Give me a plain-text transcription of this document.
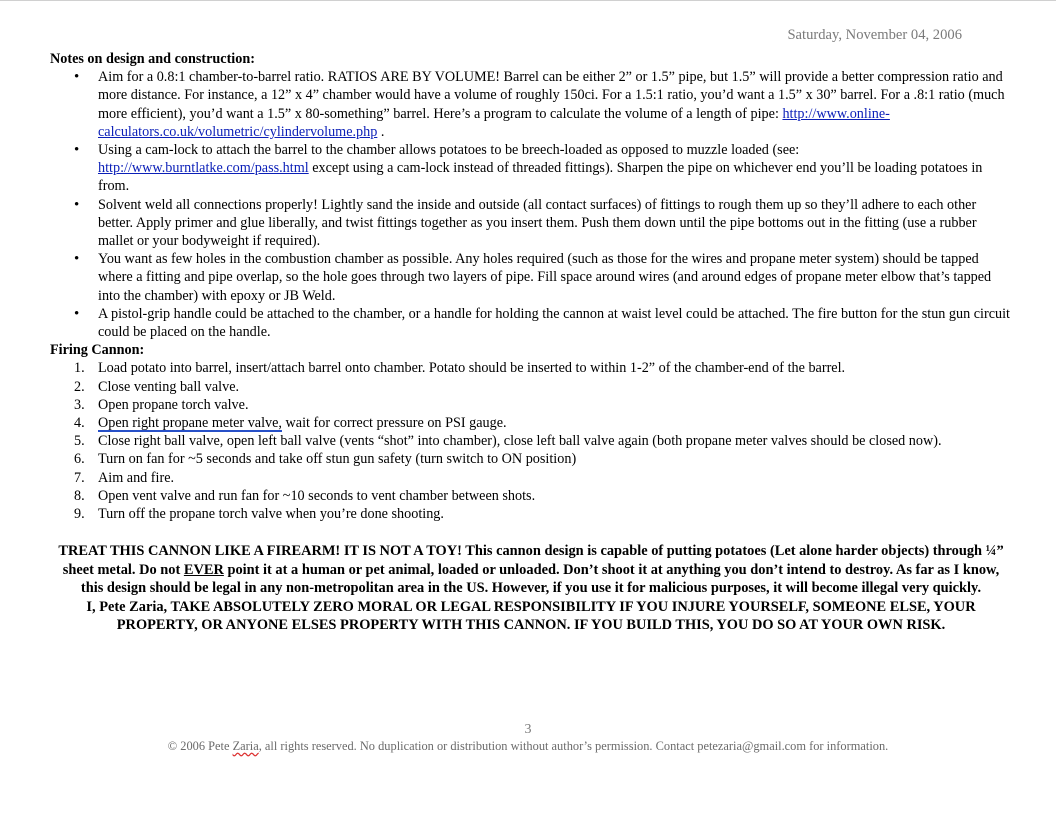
Saturday, November 04, 2006
Notes on design and construction:
• Aim for a 0.8:1 chamber-to-barrel ratio. RATIOS ARE BY VOLUME! Barrel can be either 2” or 1.5” pipe, but 1.5” will provide a better compression ratio and more distance. For instance, a 12” x 4” chamber would have a volume of roughly 150ci. For a 1.5:1 ratio, you’d want a 1.5” x 30” barrel. For a .8:1 ratio (much more efficient), you’d want a 1.5” x 80-something” barrel. Here’s a program to calculate the volume of a length of pipe: http://www.online-calculators.co.uk/volumetric/cylindervolume.php .
• Using a cam-lock to attach the barrel to the chamber allows potatoes to be breech-loaded as opposed to muzzle loaded (see: http://www.burntlatke.com/pass.html except using a cam-lock instead of threaded fittings). Sharpen the pipe on whichever end you’ll be loading potatoes in from.
• Solvent weld all connections properly! Lightly sand the inside and outside (all contact surfaces) of fittings to rough them up so they’ll adhere to each other better. Apply primer and glue liberally, and twist fittings together as you insert them. Push them down until the pipe bottoms out in the fitting (use a rubber mallet or your bodyweight if required).
• You want as few holes in the combustion chamber as possible. Any holes required (such as those for the wires and propane meter system) should be tapped where a fitting and pipe overlap, so the hole goes through two layers of pipe. Fill space around wires (and around edges of propane meter elbow that’s tapped into the chamber) with epoxy or JB Weld.
• A pistol-grip handle could be attached to the chamber, or a handle for holding the cannon at waist level could be attached. The fire button for the stun gun circuit could be placed on the handle.
Firing Cannon:
1. Load potato into barrel, insert/attach barrel onto chamber. Potato should be inserted to within 1-2” of the chamber-end of the barrel.
2. Close venting ball valve.
3. Open propane torch valve.
4. Open right propane meter valve, wait for correct pressure on PSI gauge.
5. Close right ball valve, open left ball valve (vents “shot” into chamber), close left ball valve again (both propane meter valves should be closed now).
6. Turn on fan for ~5 seconds and take off stun gun safety (turn switch to ON position)
7. Aim and fire.
8. Open vent valve and run fan for ~10 seconds to vent chamber between shots.
9. Turn off the propane torch valve when you’re done shooting.
TREAT THIS CANNON LIKE A FIREARM! IT IS NOT A TOY! This cannon design is capable of putting potatoes (Let alone harder objects) through ¼” sheet metal. Do not EVER point it at a human or pet animal, loaded or unloaded. Don’t shoot it at anything you don’t intend to destroy. As far as I know, this design should be legal in any non-metropolitan area in the US. However, if you use it for malicious purposes, it will become illegal very quickly.
I, Pete Zaria, TAKE ABSOLUTELY ZERO MORAL OR LEGAL RESPONSIBILITY IF YOU INJURE YOURSELF, SOMEONE ELSE, YOUR PROPERTY, OR ANYONE ELSES PROPERTY WITH THIS CANNON. IF YOU BUILD THIS, YOU DO SO AT YOUR OWN RISK.
3
© 2006 Pete Zaria, all rights reserved. No duplication or distribution without author’s permission. Contact petezaria@gmail.com for information.
